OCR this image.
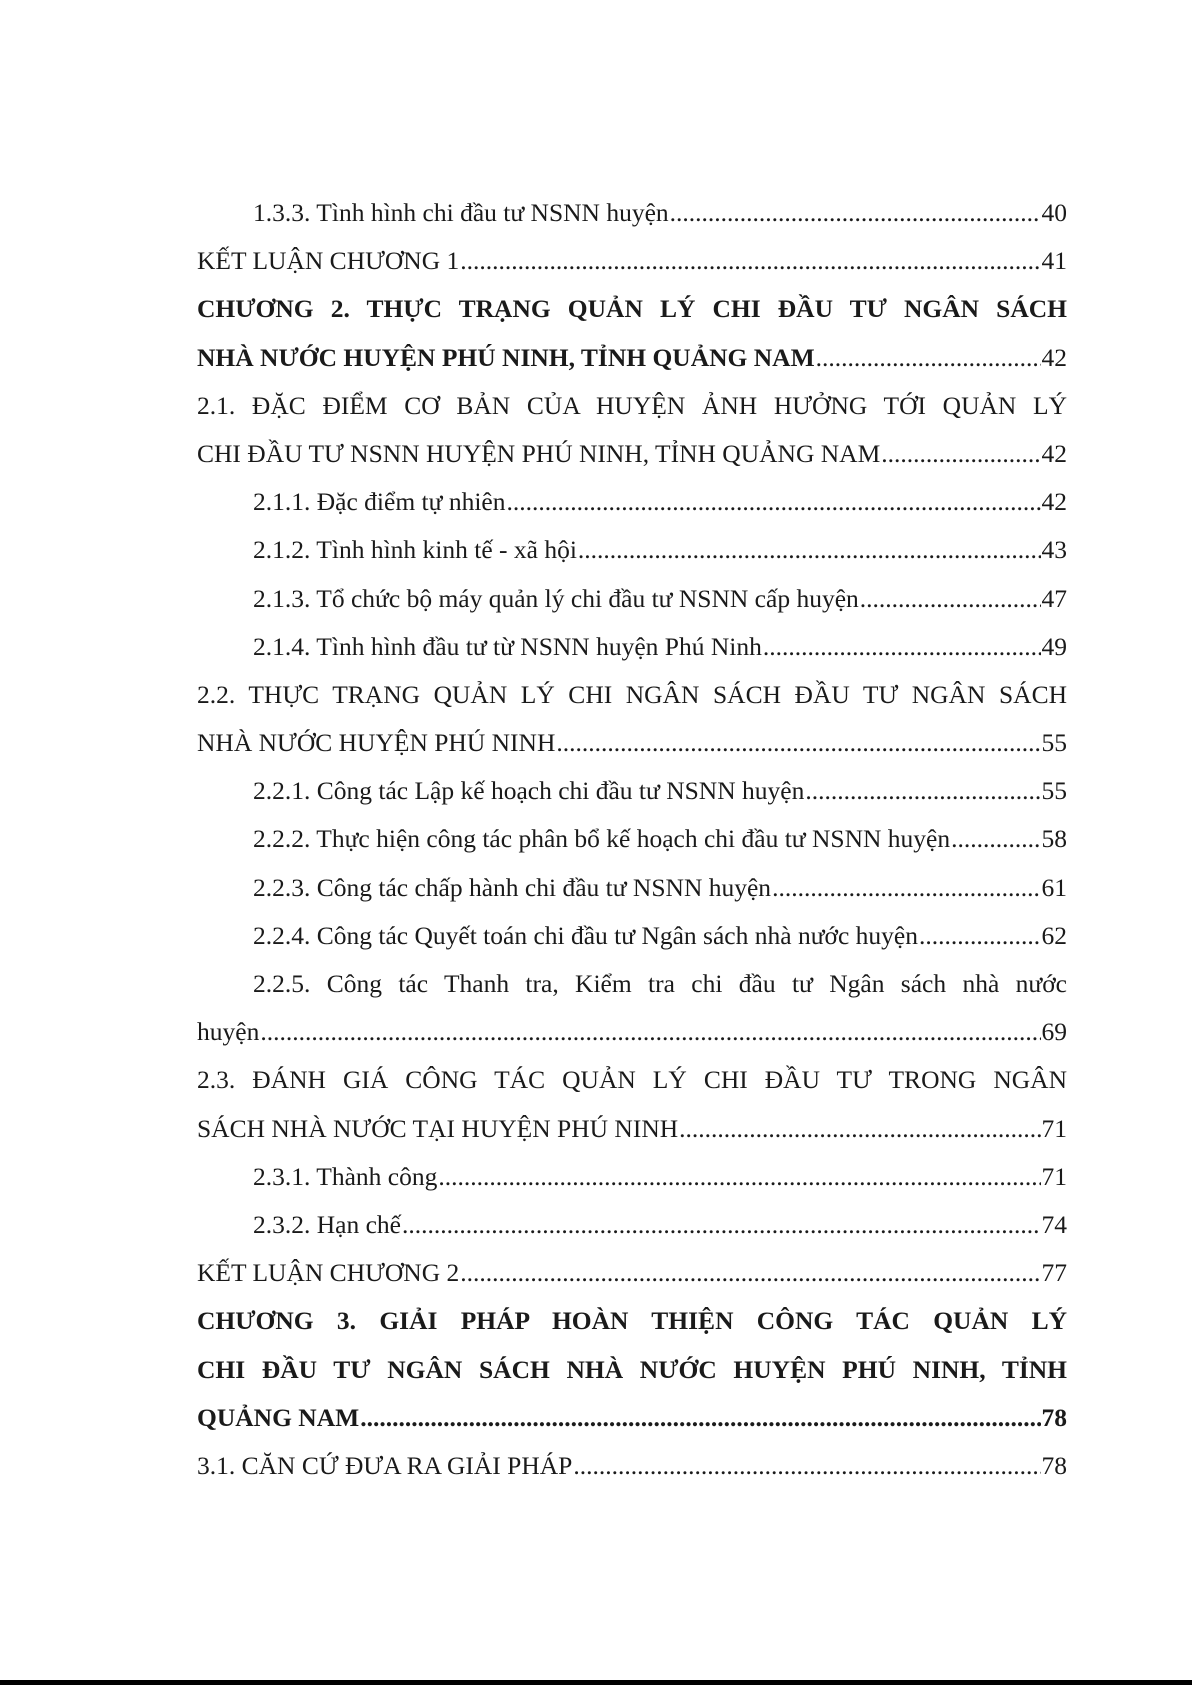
1.3.3. Tình hình chi đầu tư NSNN huyện .....	40
KẾT LUẬN CHƯƠNG 1 .....	41
CHƯƠNG 2. THỰC TRẠNG QUẢN LÝ CHI ĐẦU TƯ NGÂN SÁCH
NHÀ NƯỚC HUYỆN PHÚ NINH, TỈNH QUẢNG NAM .....	42
2.1. ĐẶC ĐIỂM CƠ BẢN CỦA HUYỆN ẢNH HƯỞNG TỚI QUẢN LÝ
CHI ĐẦU TƯ NSNN HUYỆN PHÚ NINH, TỈNH QUẢNG NAM .....	42
2.1.1. Đặc điểm tự nhiên .....	42
2.1.2. Tình hình kinh tế - xã hội .....	43
2.1.3. Tổ chức bộ máy quản lý chi đầu tư NSNN cấp huyện .....	47
2.1.4. Tình hình đầu tư từ NSNN huyện Phú Ninh .....	49
2.2. THỰC TRẠNG QUẢN LÝ CHI NGÂN SÁCH ĐẦU TƯ NGÂN SÁCH
NHÀ NƯỚC HUYỆN PHÚ NINH .....	55
2.2.1. Công tác Lập kế hoạch chi đầu tư NSNN huyện .....	55
2.2.2. Thực hiện công tác phân bổ kế hoạch chi đầu tư NSNN huyện .....	58
2.2.3. Công tác chấp hành chi đầu tư NSNN huyện .....	61
2.2.4. Công tác Quyết toán chi đầu tư Ngân sách nhà nước huyện .....	62
2.2.5. Công tác Thanh tra, Kiểm tra chi đầu tư Ngân sách nhà nước
huyện .....	69
2.3. ĐÁNH GIÁ CÔNG TÁC QUẢN LÝ CHI ĐẦU TƯ TRONG NGÂN
SÁCH NHÀ NƯỚC TẠI HUYỆN PHÚ NINH .....	71
2.3.1. Thành công .....	71
2.3.2. Hạn chế .....	74
KẾT LUẬN CHƯƠNG 2 .....	77
CHƯƠNG 3. GIẢI PHÁP HOÀN THIỆN CÔNG TÁC QUẢN LÝ
CHI ĐẦU TƯ NGÂN SÁCH NHÀ NƯỚC HUYỆN PHÚ NINH, TỈNH
QUẢNG NAM .....	78
3.1. CĂN CỨ ĐƯA RA GIẢI PHÁP .....	78
